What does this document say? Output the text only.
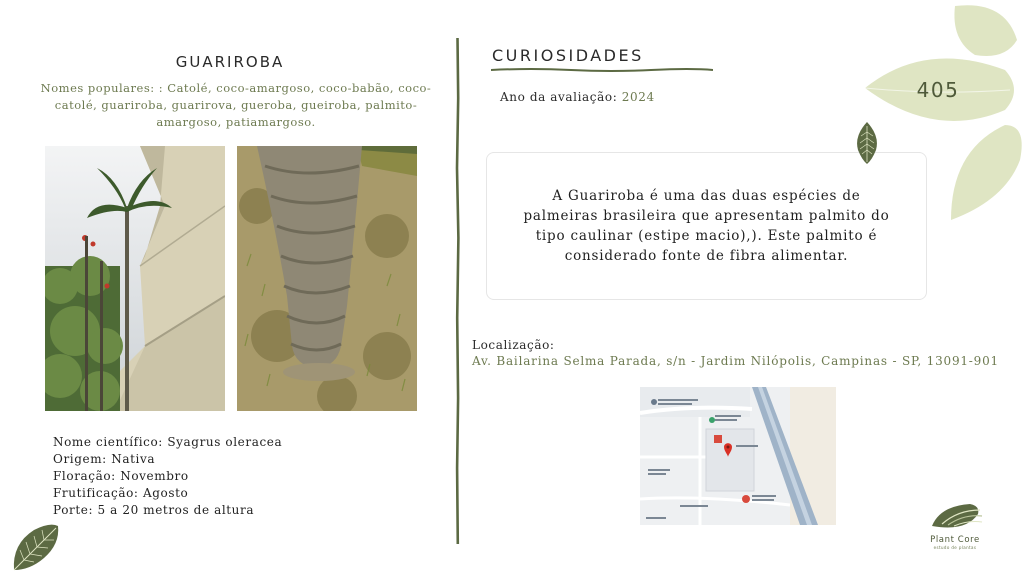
GUARIROBA
Nomes populares: : Catolé, coco-amargoso, coco-babão, coco-catolé, guariroba, guarirova, gueroba, gueiroba, palmito-amargoso, patiamargoso.
Nome científico: Syagrus oleracea
Origem: Nativa
Floração: Novembro
Frutificação: Agosto
Porte: 5 a 20 metros de altura
CURIOSIDADES
Ano da avaliação: 2024

A Guariroba é uma das duas espécies de palmeiras brasileira que apresentam palmito do tipo caulinar (estipe macio),). Este palmito é considerado fonte de fibra alimentar.

Localização:
Av. Bailarina Selma Parada, s/n - Jardim Nilópolis, Campinas - SP, 13091-901
405
Plant Core
estudo de plantas
